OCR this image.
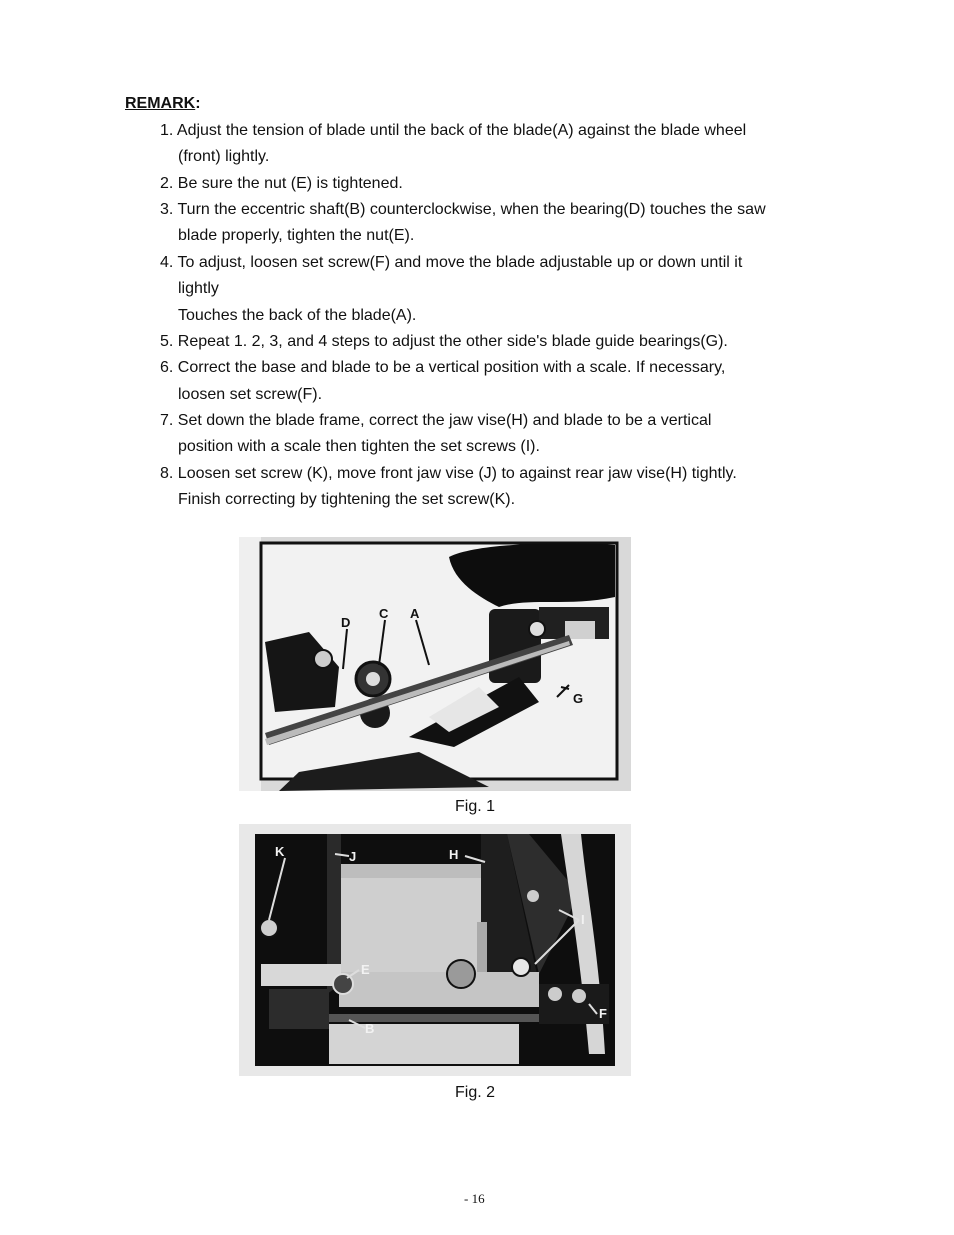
REMARK:
1. Adjust the tension of blade until the back of the blade(A) against the blade wheel
(front) lightly.
2. Be sure the nut (E) is tightened.
3. Turn the eccentric shaft(B) counterclockwise, when the bearing(D) touches the saw
blade properly, tighten the nut(E).
4. To adjust, loosen set screw(F) and move the blade adjustable up or down until it
lightly
Touches the back of the blade(A).
5. Repeat 1. 2, 3, and 4 steps to adjust the other side's blade guide bearings(G).
6. Correct the base and blade to be a vertical position with a scale. If necessary,
loosen set screw(F).
7. Set down the blade frame, correct the jaw vise(H) and blade to be a vertical
position with a scale then tighten the set screws (I).
8. Loosen set screw (K), move front jaw vise (J) to against rear jaw vise(H) tightly.
Finish correcting by tightening the set screw(K).
D
C A
G
Fig. 1
K	J	H
I
E
B
F
Fig. 2
- 16
